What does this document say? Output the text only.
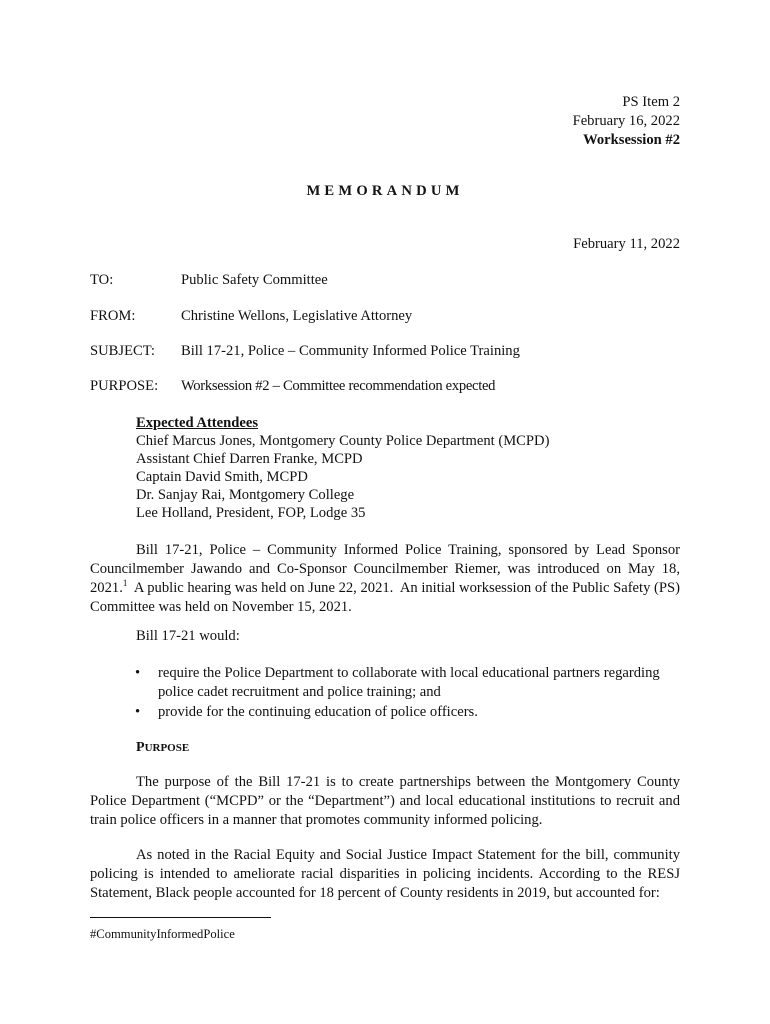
PS Item 2
February 16, 2022
Worksession #2
MEMORANDUM
February 11, 2022
TO:	Public Safety Committee
FROM:	Christine Wellons, Legislative Attorney
SUBJECT: Bill 17-21, Police – Community Informed Police Training
PURPOSE: Worksession #2 – Committee recommendation expected
Expected Attendees
Chief Marcus Jones, Montgomery County Police Department (MCPD)
Assistant Chief Darren Franke, MCPD
Captain David Smith, MCPD
Dr. Sanjay Rai, Montgomery College
Lee Holland, President, FOP, Lodge 35
Bill 17-21, Police – Community Informed Police Training, sponsored by Lead Sponsor Councilmember Jawando and Co-Sponsor Councilmember Riemer, was introduced on May 18, 2021.$^1$  A public hearing was held on June 22, 2021.  An initial worksession of the Public Safety (PS) Committee was held on November 15, 2021.
Bill 17-21 would:
• require the Police Department to collaborate with local educational partners regarding police cadet recruitment and police training; and
• provide for the continuing education of police officers.
PURPOSE
The purpose of the Bill 17-21 is to create partnerships between the Montgomery County Police Department (“MCPD” or the “Department”) and local educational institutions to recruit and train police officers in a manner that promotes community informed policing.
As noted in the Racial Equity and Social Justice Impact Statement for the bill, community policing is intended to ameliorate racial disparities in policing incidents. According to the RESJ Statement, Black people accounted for 18 percent of County residents in 2019, but accounted for:
#CommunityInformedPolice
